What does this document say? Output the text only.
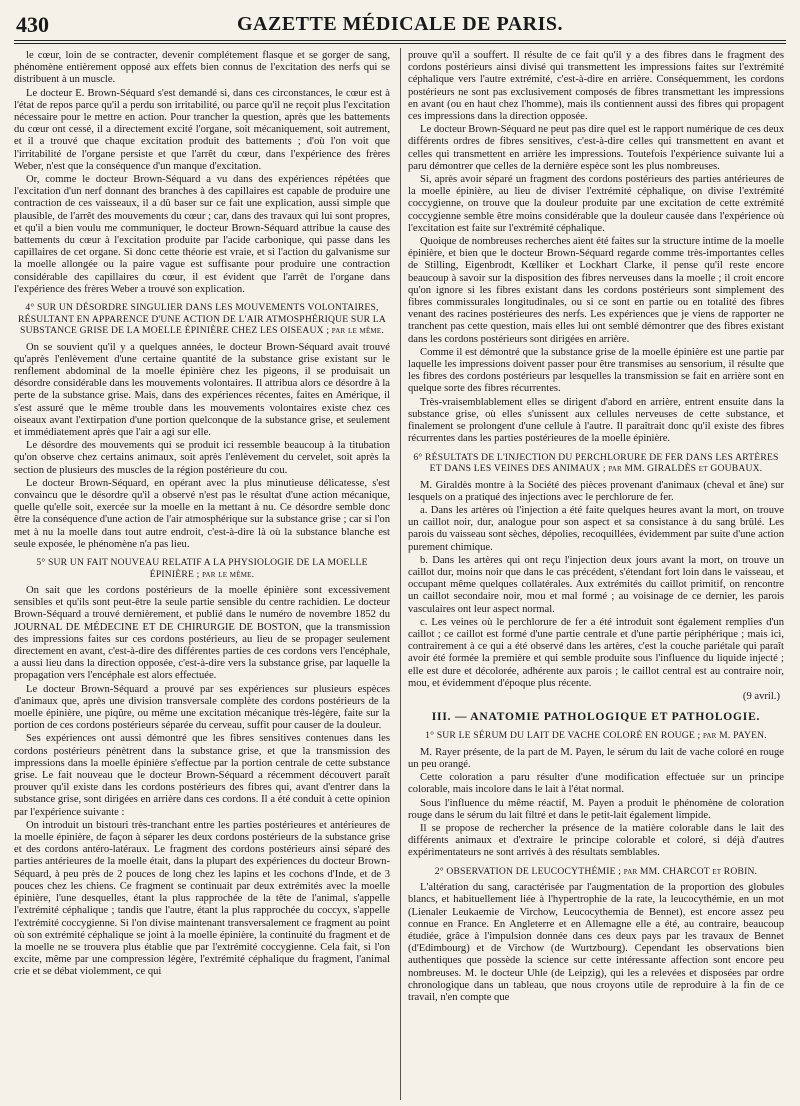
430	GAZETTE MÉDICALE DE PARIS.

le cœur, loin de se contracter, devenir complétement flasque et se gorger de sang, phénomène entièrement opposé aux effets bien connus de l'excitation des nerfs qui se distribuent à un muscle.

Le docteur E. Brown-Séquard s'est demandé si, dans ces circonstances, le cœur est à l'état de repos parce qu'il a perdu son irritabilité, ou parce qu'il ne reçoit plus l'excitation nécessaire pour le mettre en action. Pour trancher la question, après que les battements du cœur ont cessé, il a directement excité l'organe, soit mécaniquement, soit autrement, et il a trouvé que chaque excitation produit des battements ; d'où l'on voit que l'irritabilité de l'organe persiste et que l'arrêt du cœur, dans l'expérience des frères Weber, n'est que la conséquence d'un manque d'excitation.

Or, comme le docteur Brown-Séquard a vu dans des expériences répétées que l'excitation d'un nerf donnant des branches à des capillaires est capable de produire une contraction de ces vaisseaux, il a dû baser sur ce fait une explication, aussi simple que plausible, de l'arrêt des mouvements du cœur ; car, dans des travaux qui lui sont propres, et qu'il a bien voulu me communiquer, le docteur Brown-Séquard attribue la cause des battements du cœur à l'excitation produite par l'acide carbonique, qui passe dans les capillaires de cet organe. Si donc cette théorie est vraie, et si l'action du galvanisme sur la moelle allongée ou la paire vague est suffisante pour produire une contraction considérable des capillaires du cœur, il est évident que l'arrêt de l'organe dans l'expérience des frères Weber a trouvé son explication.

4° SUR UN DÉSORDRE SINGULIER DANS LES MOUVEMENTS VOLONTAIRES, RÉSULTANT EN APPARENCE D'UNE ACTION DE L'AIR ATMOSPHÉRIQUE SUR LA SUBSTANCE GRISE DE LA MOELLE ÉPINIÈRE CHEZ LES OISEAUX ; par le même.

On se souvient qu'il y a quelques années, le docteur Brown-Séquard avait trouvé qu'après l'enlèvement d'une certaine quantité de la substance grise existant sur le renflement abdominal de la moelle épinière chez les pigeons, il se produisait un désordre considérable dans les mouvements volontaires. Il attribua alors ce désordre à la perte de la substance grise. Mais, dans des expériences récentes, faites en Amérique, il s'est assuré que le même trouble dans les mouvements volontaires existe chez ces oiseaux avant l'extirpation d'une portion quelconque de la substance grise, et seulement et immédiatement après que l'air a agi sur elle.

Le désordre des mouvements qui se produit ici ressemble beaucoup à la titubation qu'on observe chez certains animaux, soit après l'enlèvement du cervelet, soit après la section de plusieurs des muscles de la région postérieure du cou.

Le docteur Brown-Séquard, en opérant avec la plus minutieuse délicatesse, s'est convaincu que le désordre qu'il a observé n'est pas le résultat d'une action mécanique, quelle qu'elle soit, exercée sur la moelle en la mettant à nu. Ce désordre semble donc être la conséquence d'une action de l'air atmosphérique sur la substance grise ; car si l'on met à nu la moelle dans tout autre endroit, c'est-à-dire là où la substance blanche est seule exposée, le phénomène n'a pas lieu.

5° SUR UN FAIT NOUVEAU RELATIF A LA PHYSIOLOGIE DE LA MOELLE ÉPINIÈRE ; par le même.

On sait que les cordons postérieurs de la moelle épinière sont excessivement sensibles et qu'ils sont peut-être la seule partie sensible du centre rachidien. Le docteur Brown-Séquard a trouvé dernièrement, et publié dans le numéro de novembre 1852 du JOURNAL DE MÉDECINE ET DE CHIRURGIE DE BOSTON, que la transmission des impressions faites sur ces cordons postérieurs, au lieu de se propager seulement directement en avant, c'est-à-dire des différentes parties de ces cordons vers l'encéphale, a aussi lieu dans la direction opposée, c'est-à-dire vers la substance grise, par laquelle la propagation vers l'encéphale est alors effectuée.

Le docteur Brown-Séquard a prouvé par ses expériences sur plusieurs espèces d'animaux que, après une division transversale complète des cordons postérieurs de la moelle épinière, une piqûre, ou même une excitation mécanique très-légère, faite sur la portion de ces cordons postérieurs séparée du cerveau, suffit pour causer de la douleur.

Ses expériences ont aussi démontré que les fibres sensitives contenues dans les cordons postérieurs pénètrent dans la substance grise, et que la transmission des impressions dans la moelle épinière s'effectue par la portion centrale de cette substance grise. Le fait nouveau que le docteur Brown-Séquard a récemment découvert paraît prouver qu'il existe dans les cordons postérieurs des fibres qui, avant d'entrer dans la substance grise, sont dirigées en arrière dans ces cordons. Il a été conduit à cette opinion par l'expérience suivante :

On introduit un bistouri très-tranchant entre les parties postérieures et antérieures de la moelle épinière, de façon à séparer les deux cordons postérieurs de la substance grise et des cordons antéro-latéraux. Le fragment des cordons postérieurs ainsi séparé des parties antérieures de la moelle était, dans la plupart des expériences du docteur Brown-Séquard, à peu près de 2 pouces de long chez les lapins et les cochons d'Inde, et de 3 pouces chez les chiens. Ce fragment se continuait par deux extrémités avec la moelle épinière, l'une desquelles, étant la plus rapprochée de la tête de l'animal, s'appelle l'extrémité céphalique ; tandis que l'autre, étant la plus rapprochée du coccyx, s'appelle l'extrémité coccygienne. Si l'on divise maintenant transversalement ce fragment au point où son extrémité céphalique se joint à la moelle épinière, la continuité du fragment et de la moelle ne se trouvera plus établie que par l'extrémité coccygienne. Cela fait, si l'on excite, même par une compression légère, l'extrémité céphalique du fragment, l'animal crie et se débat violemment, ce qui

prouve qu'il a souffert. Il résulte de ce fait qu'il y a des fibres dans le fragment des cordons postérieurs ainsi divisé qui transmettent les impressions faites sur l'extrémité céphalique vers l'autre extrémité, c'est-à-dire en arrière. Conséquemment, les cordons postérieurs ne sont pas exclusivement composés de fibres transmettant les impressions en avant (ou en haut chez l'homme), mais ils contiennent aussi des fibres qui propagent ces impressions dans la direction opposée.

Le docteur Brown-Séquard ne peut pas dire quel est le rapport numérique de ces deux différents ordres de fibres sensitives, c'est-à-dire celles qui transmettent en avant et celles qui transmettent en arrière les impressions. Toutefois l'expérience suivante lui a paru démontrer que celles de la dernière espèce sont les plus nombreuses.

Si, après avoir séparé un fragment des cordons postérieurs des parties antérieures de la moelle épinière, au lieu de diviser l'extrémité céphalique, on divise l'extrémité coccygienne, on trouve que la douleur produite par une excitation de cette extrémité coccygienne semble être moins considérable que la douleur causée dans l'expérience où l'excitation est faite sur l'extrémité céphalique.

Quoique de nombreuses recherches aient été faites sur la structure intime de la moelle épinière, et bien que le docteur Brown-Séquard regarde comme très-importantes celles de Stilling, Eigenbrodt, Kœlliker et Lockhart Clarke, il pense qu'il reste encore beaucoup à savoir sur la disposition des fibres nerveuses dans la moelle ; il croit encore qu'on ignore si les fibres existant dans les cordons postérieurs sont simplement des fibres commissurales longitudinales, ou si ce sont en partie ou en totalité des fibres venant des racines postérieures des nerfs. Les expériences que je viens de rapporter ne tranchent pas cette question, mais elles lui ont semblé démontrer que des fibres existant dans les cordons postérieurs sont dirigées en arrière.

Comme il est démontré que la substance grise de la moelle épinière est une partie par laquelle les impressions doivent passer pour être transmises au sensorium, il résulte que les fibres des cordons postérieurs par lesquelles la transmission se fait en arrière sont en quelque sorte des fibres récurrentes.

Très-vraisemblablement elles se dirigent d'abord en arrière, entrent ensuite dans la substance grise, où elles s'unissent aux cellules nerveuses de cette substance, et finalement se prolongent d'une cellule à l'autre. Il paraîtrait donc qu'il existe des fibres récurrentes dans les parties postérieures de la moelle épinière.

6° RÉSULTATS DE L'INJECTION DU PERCHLORURE DE FER DANS LES ARTÈRES ET DANS LES VEINES DES ANIMAUX ; par MM. GIRALDÈS et GOUBAUX.

M. Giraldès montre à la Société des pièces provenant d'animaux (cheval et âne) sur lesquels on a pratiqué des injections avec le perchlorure de fer.

a. Dans les artères où l'injection a été faite quelques heures avant la mort, on trouve un caillot noir, dur, analogue pour son aspect et sa consistance à du sang brûlé. Les parois du vaisseau sont sèches, dépolies, recoquillées, évidemment par suite d'une action purement chimique.

b. Dans les artères qui ont reçu l'injection deux jours avant la mort, on trouve un caillot dur, moins noir que dans le cas précédent, s'étendant fort loin dans le vaisseau, et occupant même quelques collatérales. Aux extrémités du caillot primitif, on rencontre un caillot secondaire noir, mou et mal formé ; au voisinage de ce dernier, les parois vasculaires ont leur aspect normal.

c. Les veines où le perchlorure de fer a été introduit sont également remplies d'un caillot ; ce caillot est formé d'une partie centrale et d'une partie périphérique ; mais ici, contrairement à ce qui a été observé dans les artères, c'est la couche pariétale qui paraît avoir été formée la première et qui semble produite sous l'influence du liquide injecté ; elle est dure et décolorée, adhérente aux parois ; le caillot central est au contraire noir, mou, et évidemment d'époque plus récente.

(9 avril.)
III. — ANATOMIE PATHOLOGIQUE ET PATHOLOGIE.
1° SUR LE SÉRUM DU LAIT DE VACHE COLORÉ EN ROUGE ; par M. PAYEN.

M. Rayer présente, de la part de M. Payen, le sérum du lait de vache coloré en rouge un peu orangé.

Cette coloration a paru résulter d'une modification effectuée sur un principe colorable, mais incolore dans le lait à l'état normal.

Sous l'influence du même réactif, M. Payen a produit le phénomène de coloration rouge dans le sérum du lait filtré et dans le petit-lait également limpide.

Il se propose de rechercher la présence de la matière colorable dans le lait des différents animaux et d'extraire le principe colorable et coloré, si déjà d'autres expérimentateurs ne sont arrivés à des résultats semblables.

2° OBSERVATION DE LEUCOCYTHÉMIE ; par MM. CHARCOT et ROBIN.

L'altération du sang, caractérisée par l'augmentation de la proportion des globules blancs, et habituellement liée à l'hypertrophie de la rate, la leucocythémie, en un mot (Lienaler Leukaemie de Virchow, Leucocythemia de Bennet), est encore assez peu connue en France. En Angleterre et en Allemagne elle a été, au contraire, beaucoup étudiée, grâce à l'impulsion donnée dans ces deux pays par les travaux de Bennet (d'Edimbourg) et de Virchow (de Wurtzbourg). Cependant les observations bien authentiques que possède la science sur cette intéressante affection sont encore peu nombreuses. M. le docteur Uhle (de Leipzig), qui les a relevées et disposées par ordre chronologique dans un tableau, que nous croyons utile de reproduire à la fin de ce travail, n'en compte que
